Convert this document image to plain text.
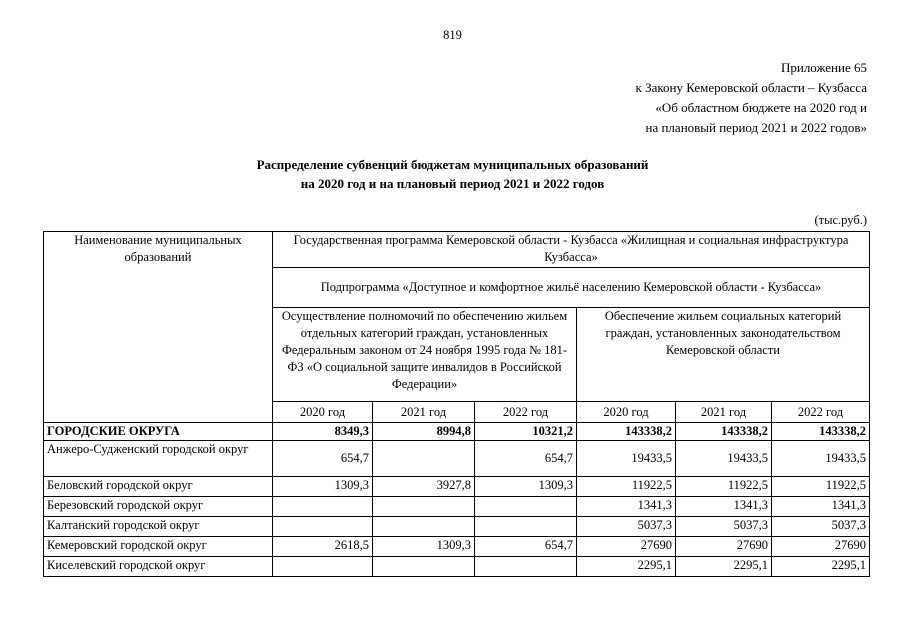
819
Приложение 65
к Закону Кемеровской области – Кузбасса
«Об областном бюджете на 2020 год и
на плановый период 2021 и 2022 годов»
Распределение субвенций бюджетам муниципальных образований
на 2020 год и на плановый период 2021 и 2022 годов
(тыс.руб.)
Наименование муниципальных образований	Государственная программа Кемеровской области - Кузбасса «Жилищная и социальная инфраструктура Кузбасса»					
	Подпрограмма «Доступное и комфортное жильё населению Кемеровской области - Кузбасса»					
	Осуществление полномочий по обеспечению жильем отдельных категорий граждан, установленных Федеральным законом от 24 ноября 1995 года № 181-ФЗ «О социальной защите инвалидов в Российской Федерации»			Обеспечение жильем социальных категорий граждан, установленных законодательством Кемеровской области		
	2020 год	2021 год	2022 год	2020 год	2021 год	2022 год
ГОРОДСКИЕ ОКРУГА	8349,3	8994,8	10321,2	143338,2	143338,2	143338,2
Анжеро-Судженский городской округ	654,7		654,7	19433,5	19433,5	19433,5
Беловский городской округ	1309,3	3927,8	1309,3	11922,5	11922,5	11922,5
Березовский городской округ				1341,3	1341,3	1341,3
Калтанский городской округ				5037,3	5037,3	5037,3
Кемеровский городской округ	2618,5	1309,3	654,7	27690	27690	27690
Киселевский городской округ				2295,1	2295,1	2295,1
